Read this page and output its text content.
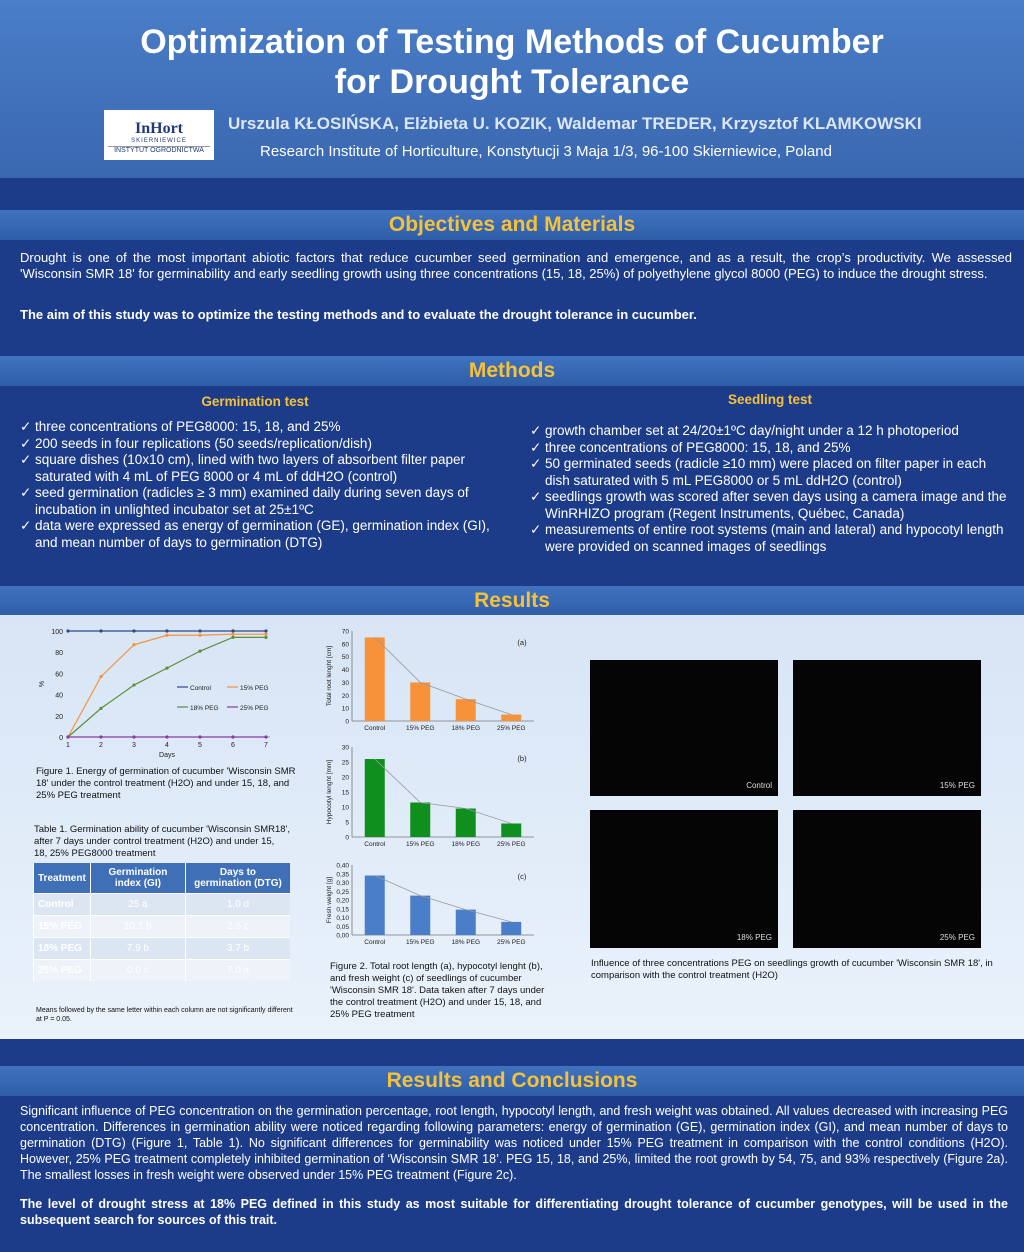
Optimization of Testing Methods of Cucumber
for Drought Tolerance
InHort
SKIERNIEWICE
INSTYTUT OGRODNICTWA
Urszula KŁOSIŃSKA, Elżbieta U. KOZIK, Waldemar TREDER, Krzysztof KLAMKOWSKI
Research Institute of Horticulture, Konstytucji 3 Maja 1/3, 96-100 Skierniewice, Poland
Objectives and Materials
Drought is one of the most important abiotic factors that reduce cucumber seed germination and emergence, and as a result, the crop’s productivity. We assessed 'Wisconsin SMR 18' for germinability and early seedling growth using three concentrations (15, 18, 25%) of polyethylene glycol 8000 (PEG) to induce the drought stress.
The aim of this study was to optimize the testing methods and to evaluate the drought tolerance in cucumber.
Methods
Germination test	Seedling test
✓ three concentrations of PEG8000: 15, 18, and 25%
✓ 200 seeds in four replications (50 seeds/replication/dish)
✓ square dishes (10x10 cm), lined with two layers of absorbent filter paper saturated with 4 mL of PEG 8000 or 4 mL of ddH2O (control)
✓ seed germination (radicles ≥ 3 mm) examined daily during seven days of incubation in unlighted incubator set at 25±1ºC
✓ data were expressed as energy of germination (GE), germination index (GI), and mean number of days to germination (DTG)
✓ growth chamber set at 24/20±1ºC day/night under a 12 h photoperiod
✓ three concentrations of PEG8000: 15, 18, and 25%
✓ 50 germinated seeds (radicle ≥10 mm) were placed on filter paper in each dish saturated with 5 mL PEG8000 or 5 mL ddH2O (control)
✓ seedlings growth was scored after seven days using a camera image and the WinRHIZO program (Regent Instruments, Québec, Canada)
✓ measurements of entire root systems (main and lateral) and hypocotyl length were provided on scanned images of seedlings
Results
0
20
40
60
80
100
1	2	3	4	5	6	7
Days
%
Control	15% PEG
18% PEG	25% PEG
Figure 1. Energy of germination of cucumber 'Wisconsin SMR 18' under the control treatment (H2O) and under 15, 18, and 25% PEG treatment
Table 1. Germination ability of cucumber 'Wisconsin SMR18', after 7 days under control treatment (H2O) and under 15, 18, 25% PEG8000 treatment
Means followed by the same letter within each column are not significantly different at P = 0.05.
0
10
20
30
40
50
60
70
Control	15% PEG	18% PEG	25% PEG
(a)
Total root lenght [cm]
0
5
10
15
20
25
30
Control	15% PEG	18% PEG	25% PEG
(b)
Hypocotyl lenght [mm]
0,00
0,05
0,10
0,15
0,20
0,25
0,30
0,35
0,40
Control	15% PEG	18% PEG	25% PEG
(c)
Fresh weight [g]
Figure 2. Total root length (a), hypocotyl lenght (b), and fresh weight (c) of seedlings of cucumber 'Wisconsin SMR 18'. Data taken after 7 days under the control treatment (H2O) and under 15, 18, and 25% PEG treatment
Control	15% PEG
18% PEG	25% PEG
Influence of three concentrations PEG on seedlings growth of cucumber 'Wisconsin SMR 18', in comparison with the control treatment (H2O)
Treatment	Germination index (GI)	Days to germination (DTG)
Control	25 a	1.0 d
15% PEG	10.1 b	2.5 c
18% PEG	7.9 b	3.7 b
25% PEG	0.0 c	7.0 a
Results and Conclusions
Significant influence of PEG concentration on the germination percentage, root length, hypocotyl length, and fresh weight was obtained. All values decreased with increasing PEG concentration. Differences in germination ability were noticed regarding following parameters: energy of germination (GE), germination index (GI), and mean number of days to germination (DTG) (Figure 1, Table 1). No significant differences for germinability was noticed under 15% PEG treatment in comparison with the control conditions (H2O). However, 25% PEG treatment completely inhibited germination of ‘Wisconsin SMR 18’. PEG 15, 18, and 25%, limited the root growth by 54, 75, and 93% respectively (Figure 2a). The smallest losses in fresh weight were observed under 15% PEG treatment (Figure 2c).
The level of drought stress at 18% PEG defined in this study as most suitable for differentiating drought tolerance of cucumber genotypes, will be used in the subsequent search for sources of this trait.
